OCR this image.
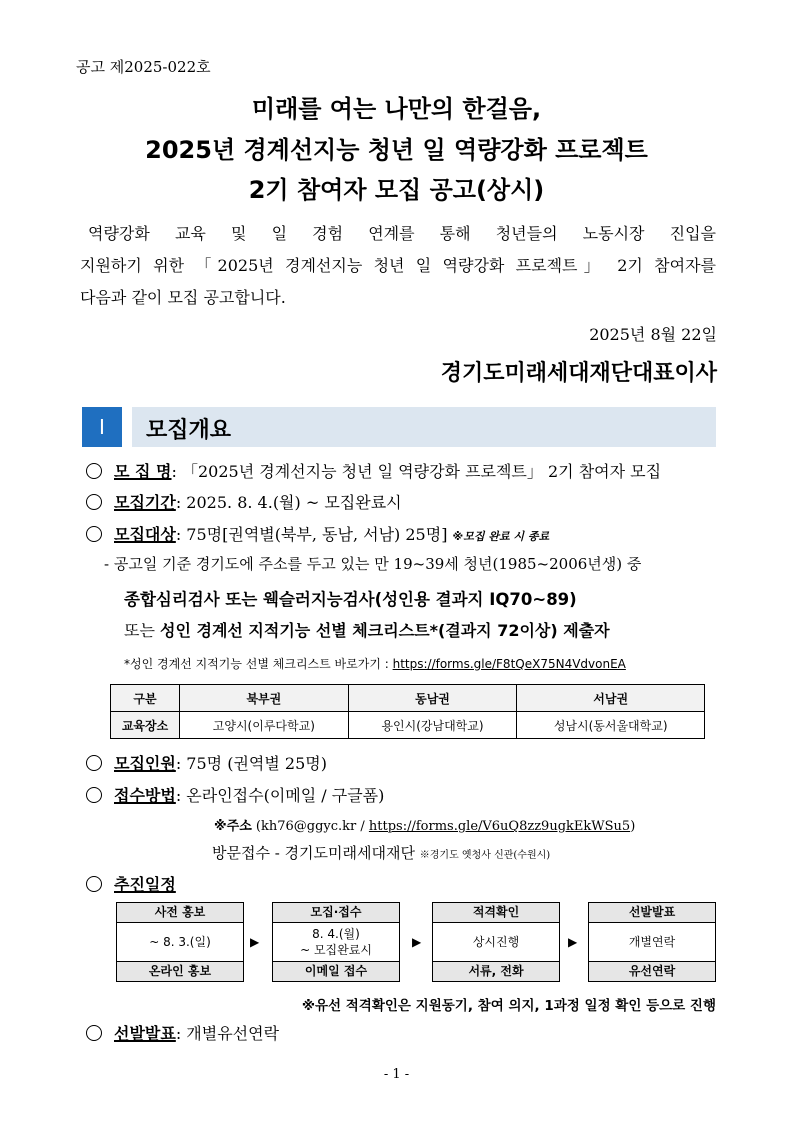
공고 제2025-022호
미래를 여는 나만의 한걸음,
2025년 경계선지능 청년 일 역량강화 프로젝트
2기 참여자 모집 공고(상시)

역량강화 교육 및 일 경험 연계를 통해 청년들의 노동시장 진입을

지원하기 위한 「2025년 경계선지능 청년 일 역량강화 프로젝트」 2기 참여자를

다음과 같이 모집 공고합니다.

2025년 8월 22일
경기도미래세대재단대표이사
Ⅰ	모집개요
모 집 명: 「2025년 경계선지능 청년 일 역량강화 프로젝트」 2기 참여자 모집
모집기간: 2025. 8. 4.(월) ~ 모집완료시
모집대상: 75명[권역별(북부, 동남, 서남) 25명] ※모집 완료 시 종료
- 공고일 기준 경기도에 주소를 두고 있는 만 19~39세 청년(1985~2006년생) 중
종합심리검사 또는 웩슬러지능검사(성인용 결과지 IQ70~89)
또는 성인 경계선 지적기능 선별 체크리스트*(결과지 72이상) 제출자
*성인 경계선 지적기능 선별 체크리스트 바로가기 : https://forms.gle/F8tQeX75N4VdvonEA
구분	북부권	동남권	서남권
교육장소	고양시(이루다학교)	용인시(강남대학교)	성남시(동서울대학교)
모집인원: 75명 (권역별 25명)
접수방법: 온라인접수(이메일 / 구글폼)
※주소 (kh76@ggyc.kr / https://forms.gle/V6uQ8zz9ugkEkWSu5)
방문접수 - 경기도미래세대재단 ※경기도 옛청사 신관(수원시)
추진일정
사전 홍보
~ 8. 3.(일)
온라인 홍보
▶
모집·접수
8. 4.(월)
~ 모집완료시
이메일 접수
▶
적격확인
상시진행
서류, 전화
▶
선발발표
개별연락
유선연락
※유선 적격확인은 지원동기, 참여 의지, 1과정 일정 확인 등으로 진행
선발발표: 개별유선연락
- 1 -
